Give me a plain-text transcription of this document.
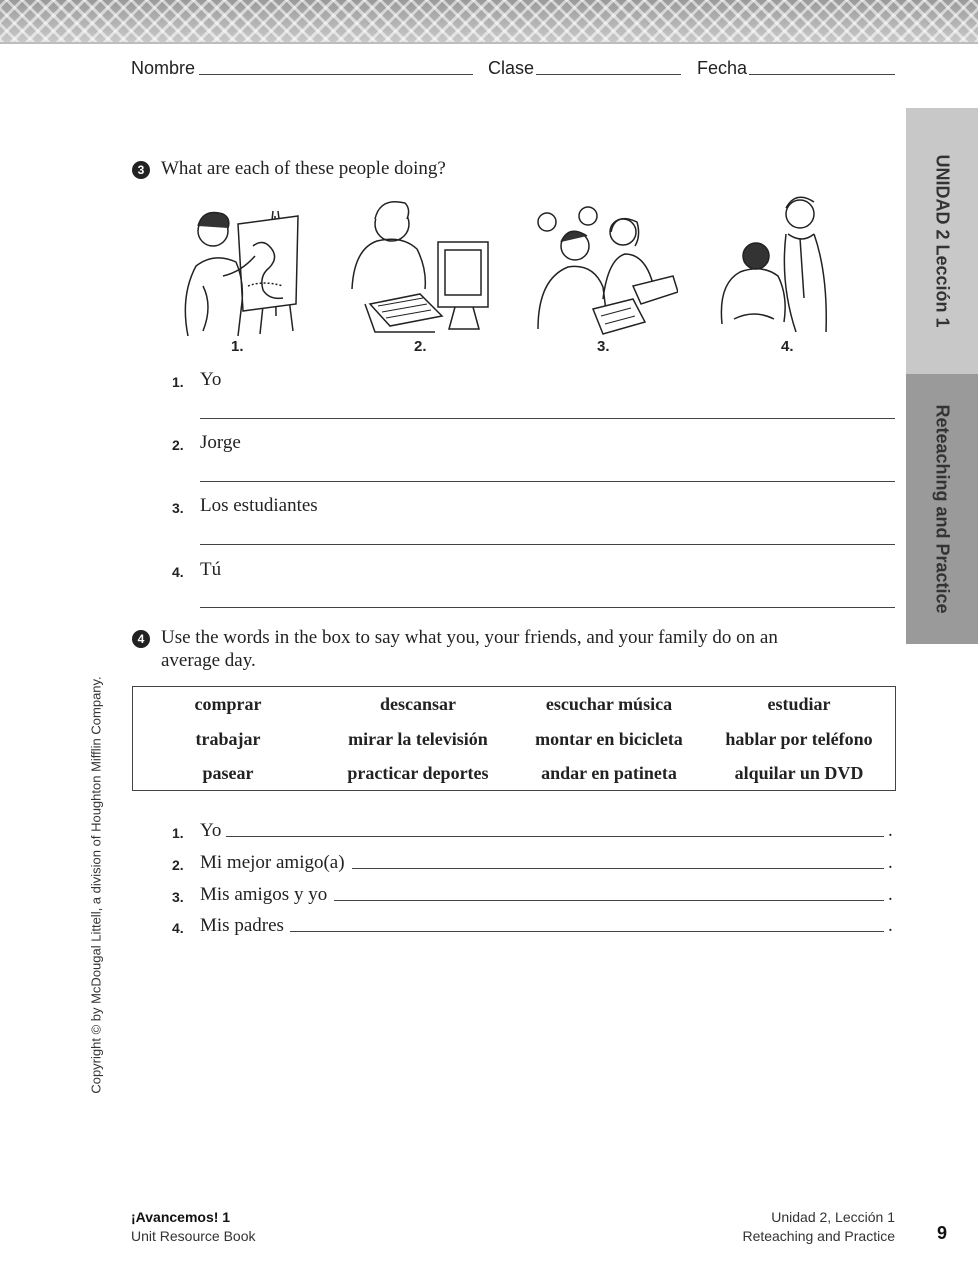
Nombre	Clase	Fecha
UNIDAD 2 Lección 1
Reteaching and Practice
3 What are each of these people doing?
1.	2.	3.	4.
1. Yo
2. Jorge
3. Los estudiantes
4. Tú
4 Use the words in the box to say what you, your friends, and your family do on an
average day.
comprar	descansar	escuchar música	estudiar
trabajar	mirar la televisión	montar en bicicleta	hablar por teléfono
pasear	practicar deportes	andar en patineta	alquilar un DVD
1. Yo	.
2. Mi mejor amigo(a)	.
3. Mis amigos y yo	.
4. Mis padres	.
Copyright © by McDougal Littell, a division of Houghton Mifflin Company.
¡Avancemos! 1
Unit Resource Book
Unidad 2, Lección 1
Reteaching and Practice 9
